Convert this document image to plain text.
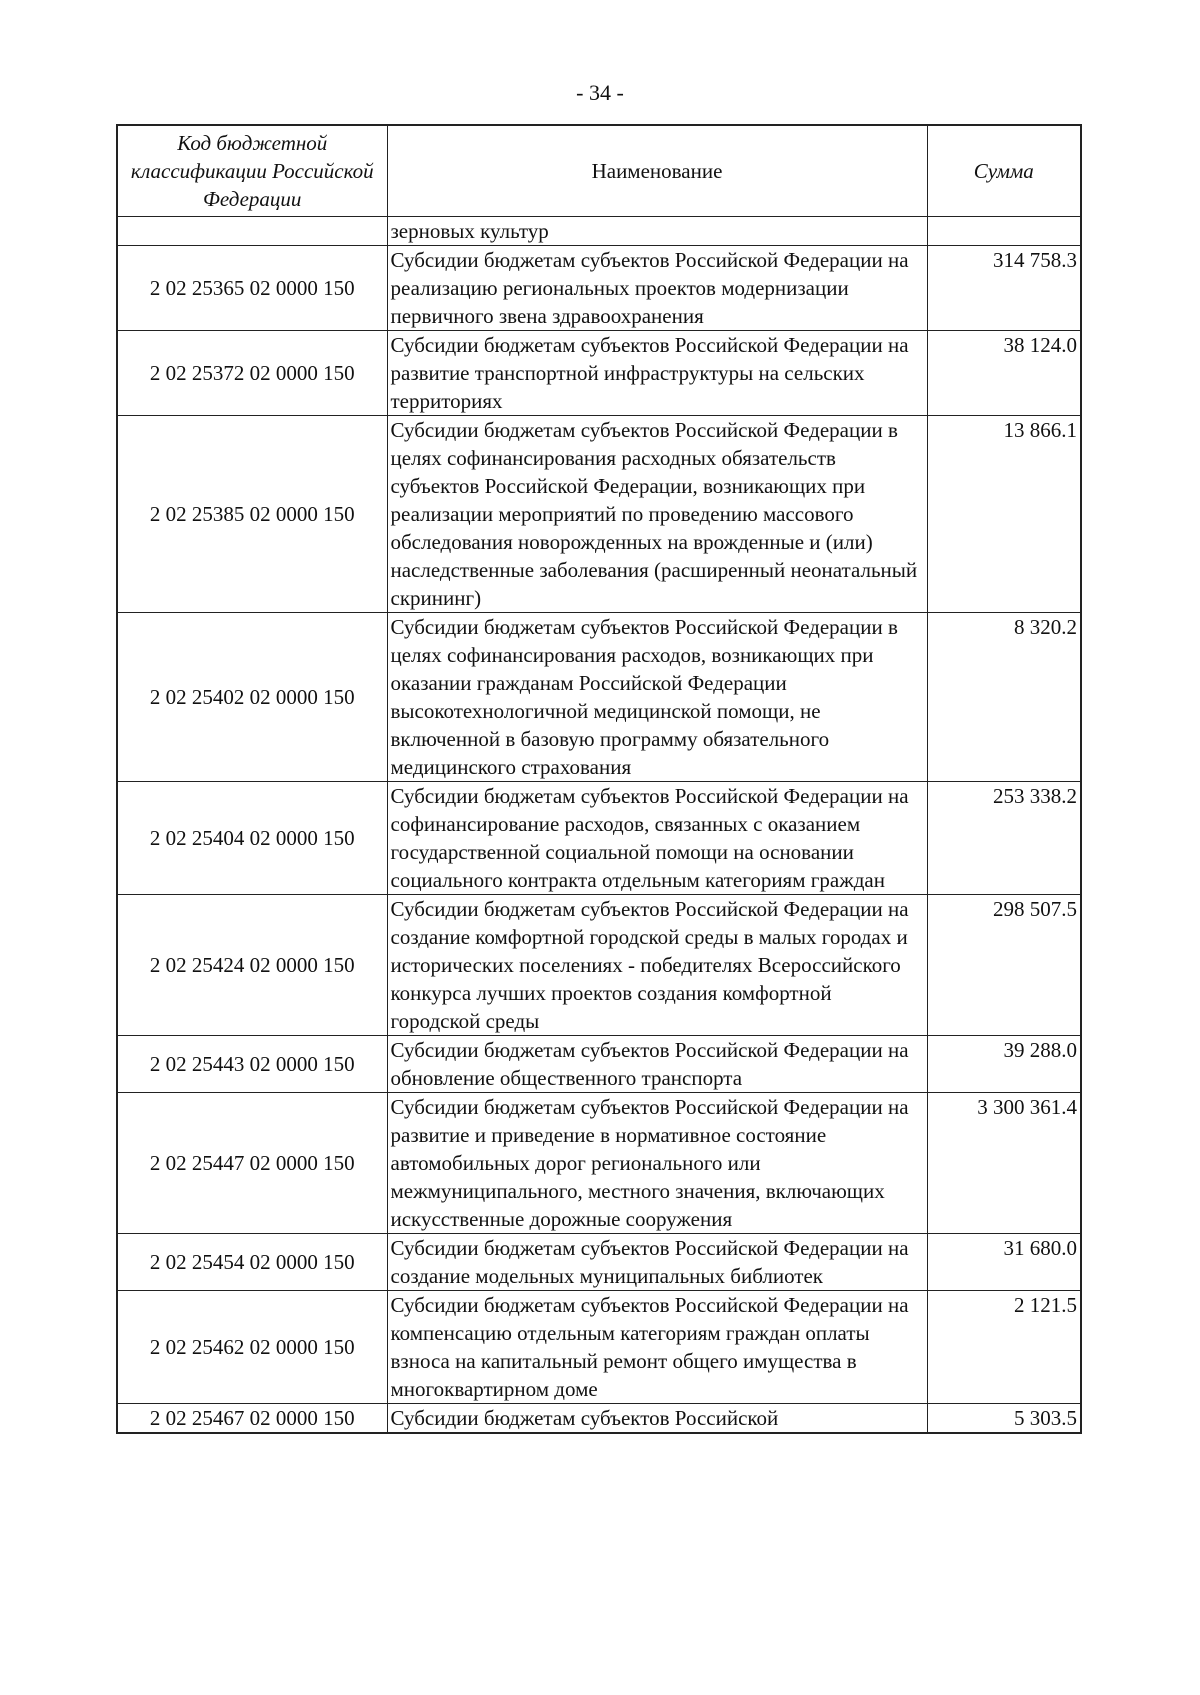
- 34 -
Код бюджетной классификации Российской Федерации	Наименование	Сумма
	зерновых культур	
2 02 25365 02 0000 150	Субсидии бюджетам субъектов Российской Федерации на реализацию региональных проектов модернизации первичного звена здравоохранения	314 758.3
2 02 25372 02 0000 150	Субсидии бюджетам субъектов Российской Федерации на развитие транспортной инфраструктуры на сельских территориях	38 124.0
2 02 25385 02 0000 150	Субсидии бюджетам субъектов Российской Федерации в целях софинансирования расходных обязательств субъектов Российской Федерации, возникающих при реализации мероприятий по проведению массового обследования новорожденных на врожденные и (или) наследственные заболевания (расширенный неонатальный скрининг)	13 866.1
2 02 25402 02 0000 150	Субсидии бюджетам субъектов Российской Федерации в целях софинансирования расходов, возникающих при оказании гражданам Российской Федерации высокотехнологичной медицинской помощи, не включенной в базовую программу обязательного медицинского страхования	8 320.2
2 02 25404 02 0000 150	Субсидии бюджетам субъектов Российской Федерации на софинансирование расходов, связанных с оказанием государственной социальной помощи на основании социального контракта отдельным категориям граждан	253 338.2
2 02 25424 02 0000 150	Субсидии бюджетам субъектов Российской Федерации на создание комфортной городской среды в малых городах и исторических поселениях - победителях Всероссийского конкурса лучших проектов создания комфортной городской среды	298 507.5
2 02 25443 02 0000 150	Субсидии бюджетам субъектов Российской Федерации на обновление общественного транспорта	39 288.0
2 02 25447 02 0000 150	Субсидии бюджетам субъектов Российской Федерации на развитие и приведение в нормативное состояние автомобильных дорог регионального или межмуниципального, местного значения, включающих искусственные дорожные сооружения	3 300 361.4
2 02 25454 02 0000 150	Субсидии бюджетам субъектов Российской Федерации на создание модельных муниципальных библиотек	31 680.0
2 02 25462 02 0000 150	Субсидии бюджетам субъектов Российской Федерации на компенсацию отдельным категориям граждан оплаты взноса на капитальный ремонт общего имущества в многоквартирном доме	2 121.5
2 02 25467 02 0000 150	Субсидии бюджетам субъектов Российской	5 303.5
